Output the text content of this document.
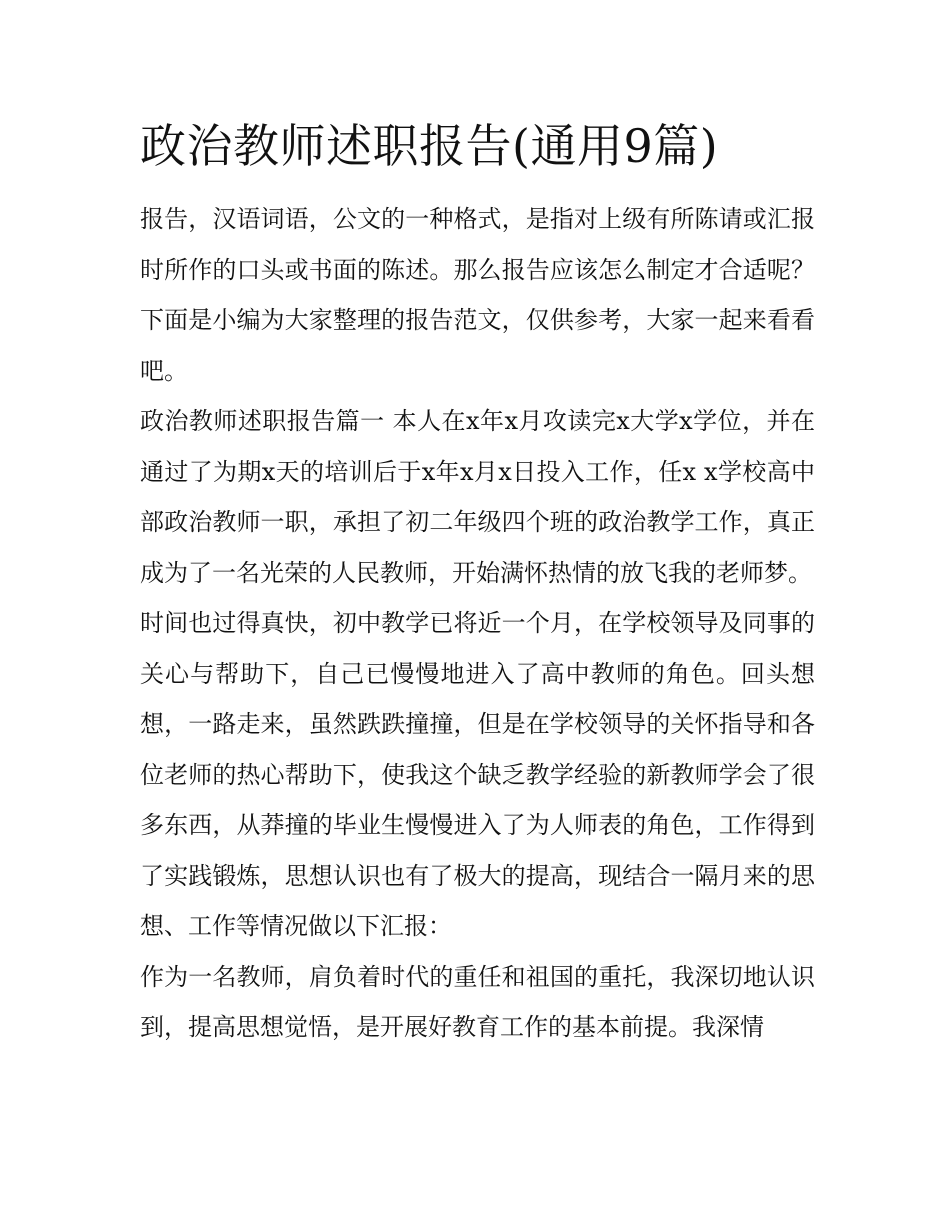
政治教师述职报告(通用9篇)

报告，汉语词语，公文的一种格式，是指对上级有所陈请或汇报时所作的口头或书面的陈述。那么报告应该怎么制定才合适呢？下面是小编为大家整理的报告范文，仅供参考，大家一起来看看吧。

政治教师述职报告篇一 本人在x年x月攻读完x大学x学位，并在通过了为期x天的培训后于x年x月x日投入工作，任x x学校高中部政治教师一职，承担了初二年级四个班的政治教学工作，真正成为了一名光荣的人民教师，开始满怀热情的放飞我的老师梦。

时间也过得真快，初中教学已将近一个月，在学校领导及同事的关心与帮助下，自己已慢慢地进入了高中教师的角色。回头想想，一路走来，虽然跌跌撞撞，但是在学校领导的关怀指导和各位老师的热心帮助下，使我这个缺乏教学经验的新教师学会了很多东西，从莽撞的毕业生慢慢进入了为人师表的角色，工作得到了实践锻炼，思想认识也有了极大的提高，现结合一隔月来的思想、工作等情况做以下汇报：

作为一名教师，肩负着时代的重任和祖国的重托，我深切地认识到，提高思想觉悟，是开展好教育工作的基本前提。我深情
